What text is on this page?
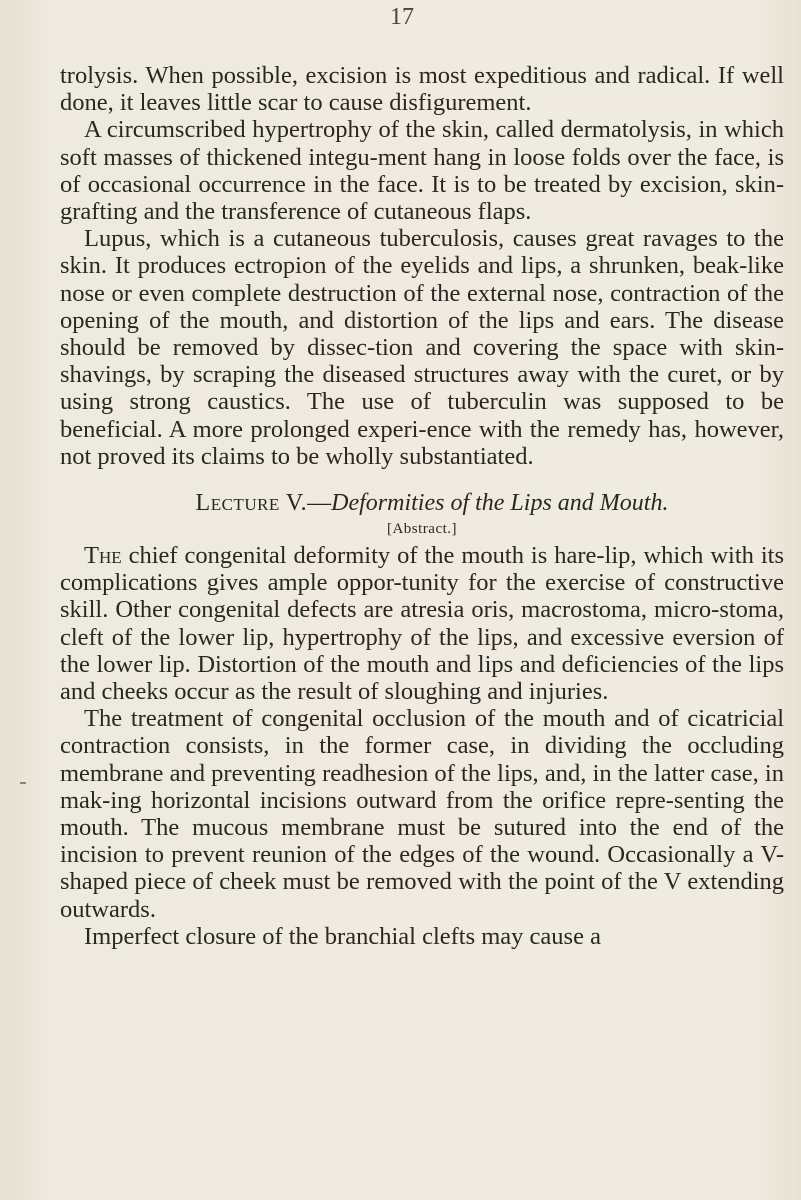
17

trolysis. When possible, excision is most expeditious and radical. If well done, it leaves little scar to cause disfigurement.

A circumscribed hypertrophy of the skin, called dermatolysis, in which soft masses of thickened integu-ment hang in loose folds over the face, is of occasional occurrence in the face. It is to be treated by excision, skin-grafting and the transference of cutaneous flaps.

Lupus, which is a cutaneous tuberculosis, causes great ravages to the skin. It produces ectropion of the eyelids and lips, a shrunken, beak-like nose or even complete destruction of the external nose, contraction of the opening of the mouth, and distortion of the lips and ears. The disease should be removed by dissec-tion and covering the space with skin-shavings, by scraping the diseased structures away with the curet, or by using strong caustics. The use of tuberculin was supposed to be beneficial. A more prolonged experi-ence with the remedy has, however, not proved its claims to be wholly substantiated.

Lecture V.—Deformities of the Lips and Mouth.
[Abstract.]

The chief congenital deformity of the mouth is hare-lip, which with its complications gives ample oppor-tunity for the exercise of constructive skill. Other congenital defects are atresia oris, macrostoma, micro-stoma, cleft of the lower lip, hypertrophy of the lips, and excessive eversion of the lower lip. Distortion of the mouth and lips and deficiencies of the lips and cheeks occur as the result of sloughing and injuries.

The treatment of congenital occlusion of the mouth and of cicatricial contraction consists, in the former case, in dividing the occluding membrane and preventing readhesion of the lips, and, in the latter case, in mak-ing horizontal incisions outward from the orifice repre-senting the mouth. The mucous membrane must be sutured into the end of the incision to prevent reunion of the edges of the wound. Occasionally a V-shaped piece of cheek must be removed with the point of the V extending outwards.

Imperfect closure of the branchial clefts may cause a
